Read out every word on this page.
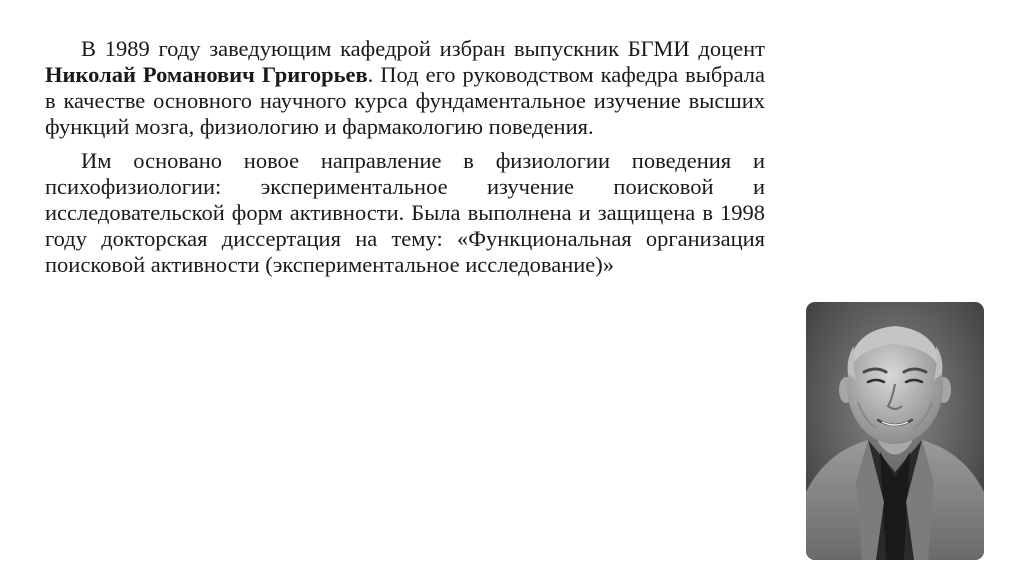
В 1989 году заведующим кафедрой избран выпускник БГМИ доцент Николай Романович Григорьев. Под его руководством кафедра выбрала в качестве основного научного курса фундаментальное изучение высших функций мозга, физиологию и фармакологию поведения.

Им основано новое направление в физиологии поведения и психофизиологии: экспериментальное изучение поисковой и исследовательской форм активности. Была выполнена и защищена в 1998 году докторская диссертация на тему: «Функциональная организация поисковой активности (экспериментальное исследование)»
